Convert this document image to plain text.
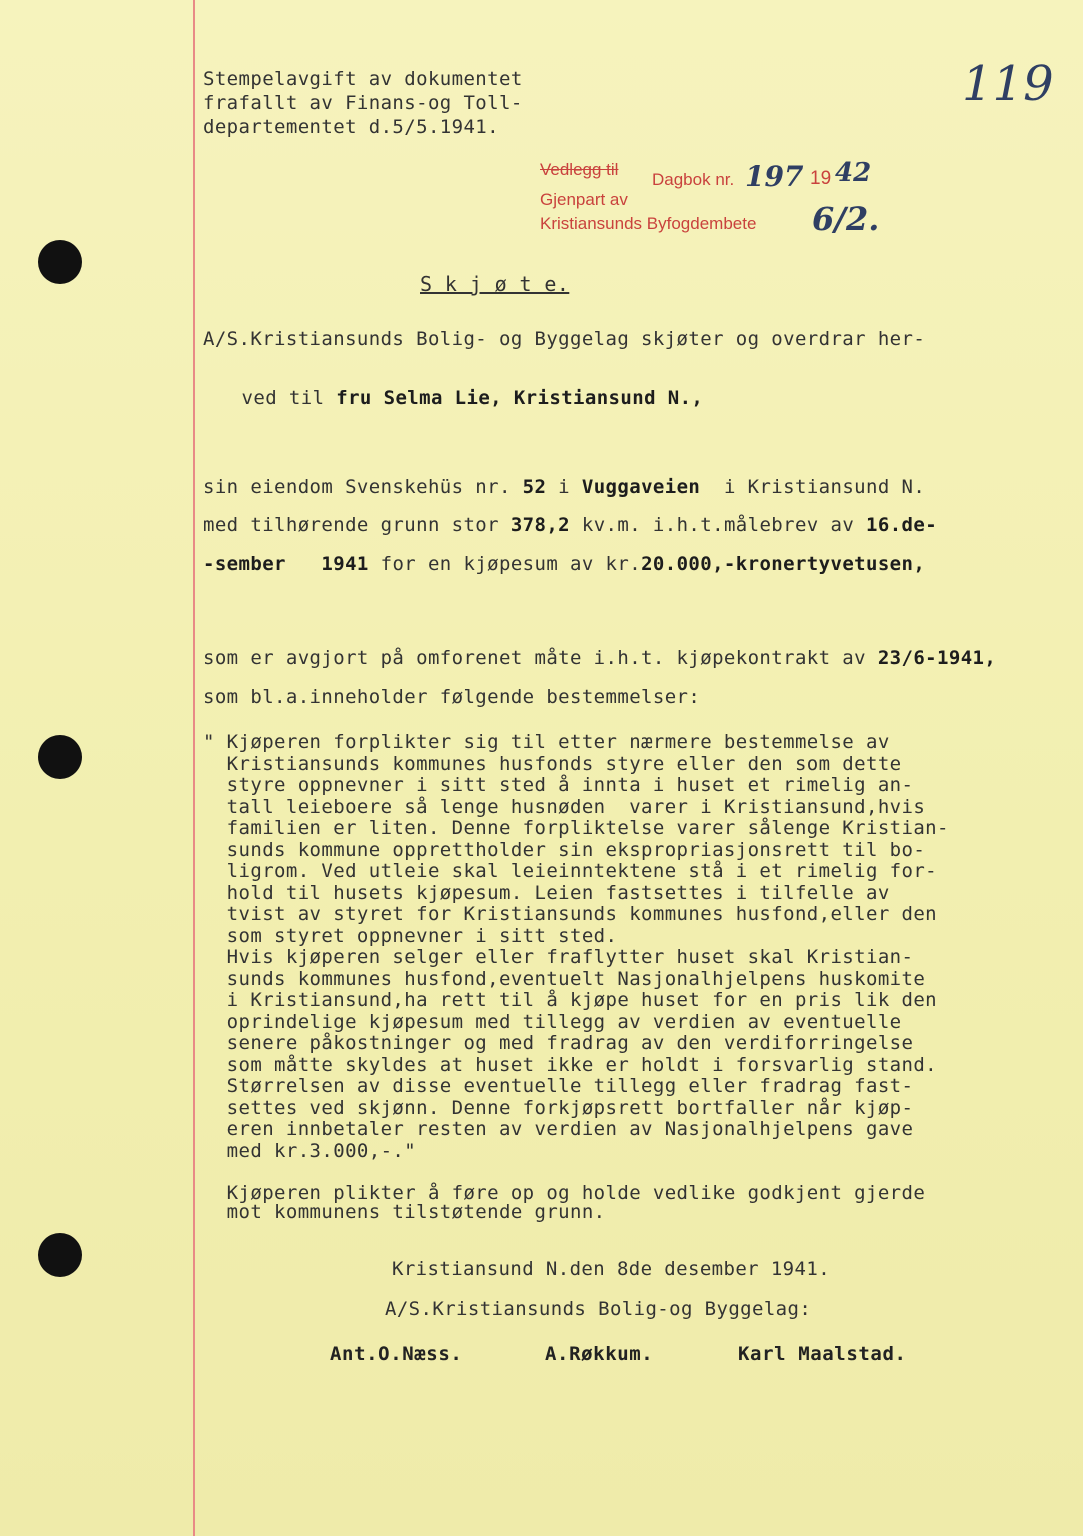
119
Stempelavgift av dokumentet
frafallt av Finans-og Toll-
departementet d.5/5.1941.
Vedlegg til
Dagbok nr. 197 19 42
Gjenpart av
Kristiansunds Byfogdembete 6/2.
S k j ø t e.
A/S.Kristiansunds Bolig- og Byggelag skjøter og overdrar her-

ved til fru Selma Lie, Kristiansund N.,

sin eiendom Svenskehüs nr. 52 i Vuggaveien  i Kristiansund N.
med tilhørende grunn stor 378,2 kv.m. i.h.t.målebrev av 16.de-
-sember 1941 for en kjøpesum av kr.20.000,-kronertyvetusen,
som er avgjort på omforenet måte i.h.t. kjøpekontrakt av 23/6-1941,
som bl.a.inneholder følgende bestemmelser:
" Kjøperen forplikter sig til etter nærmere bestemmelse av
Kristiansunds kommunes husfonds styre eller den som dette
styre oppnevner i sitt sted å innta i huset et rimelig an-
tall leieboere så lenge husnøden  varer i Kristiansund,hvis
familien er liten. Denne forpliktelse varer sålenge Kristian-
sunds kommune opprettholder sin ekspropriasjonsrett til bo-
ligrom. Ved utleie skal leieinntektene stå i et rimelig for-
hold til husets kjøpesum. Leien fastsettes i tilfelle av
tvist av styret for Kristiansunds kommunes husfond,eller den
som styret oppnevner i sitt sted.
Hvis kjøperen selger eller fraflytter huset skal Kristian-
sunds kommunes husfond,eventuelt Nasjonalhjelpens huskomite
i Kristiansund,ha rett til å kjøpe huset for en pris lik den
oprindelige kjøpesum med tillegg av verdien av eventuelle
senere påkostninger og med fradrag av den verdiforringelse
som måtte skyldes at huset ikke er holdt i forsvarlig stand.
Størrelsen av disse eventuelle tillegg eller fradrag fast-
settes ved skjønn. Denne forkjøpsrett bortfaller når kjøp-
eren innbetaler resten av verdien av Nasjonalhjelpens gave
med kr.3.000,-."
Kjøperen plikter å føre op og holde vedlike godkjent gjerde
mot kommunens tilstøtende grunn.
Kristiansund N.den 8de desember 1941.
A/S.Kristiansunds Bolig-og Byggelag:
Ant.O.Næss.	A.Røkkum.	Karl Maalstad.
